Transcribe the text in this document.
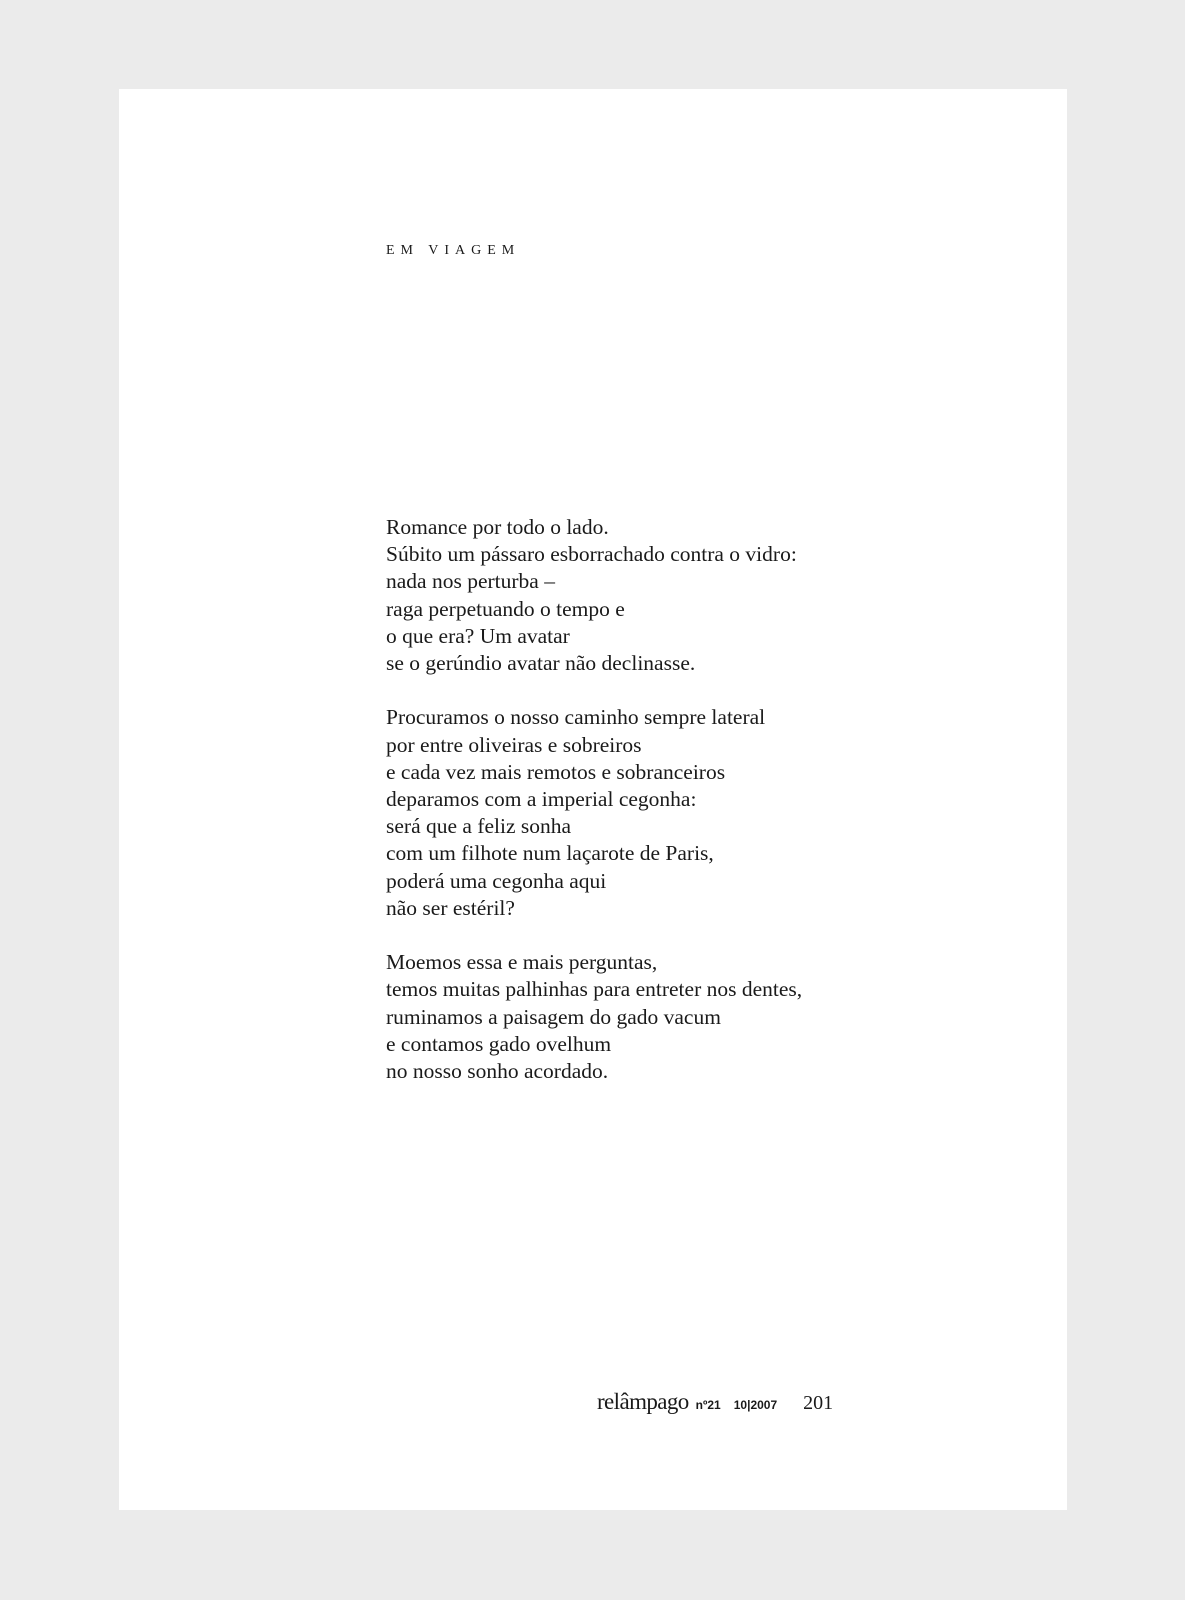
EM VIAGEM

Romance por todo o lado.
Súbito um pássaro esborrachado contra o vidro:
nada nos perturba –
raga perpetuando o tempo e
o que era? Um avatar
se o gerúndio avatar não declinasse.

Procuramos o nosso caminho sempre lateral
por entre oliveiras e sobreiros
e cada vez mais remotos e sobranceiros
deparamos com a imperial cegonha:
será que a feliz sonha
com um filhote num laçarote de Paris,
poderá uma cegonha aqui
não ser estéril?

Moemos essa e mais perguntas,
temos muitas palhinhas para entreter nos dentes,
ruminamos a paisagem do gado vacum
e contamos gado ovelhum
no nosso sonho acordado.

relâmpago nº21 10|2007 201
